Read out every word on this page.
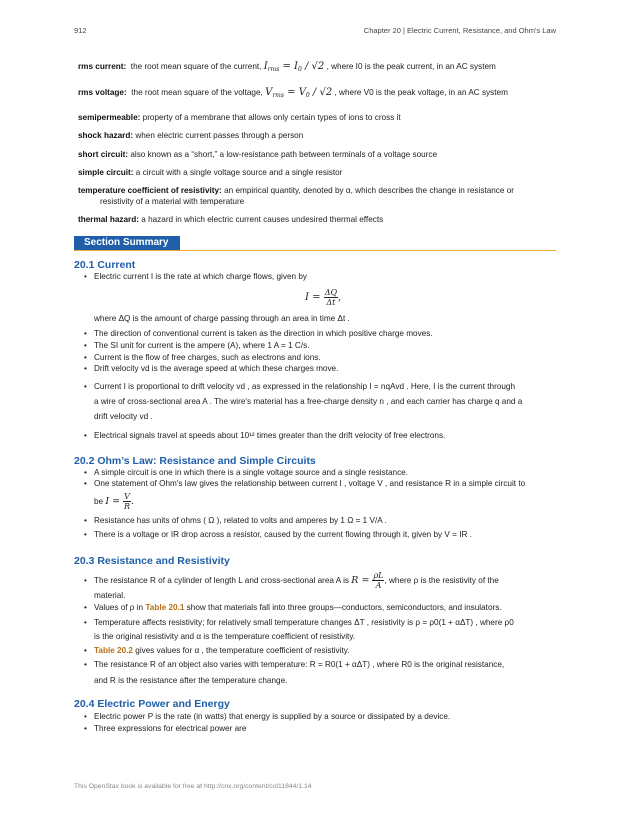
912	Chapter 20 | Electric Current, Resistance, and Ohm's Law
rms current: the root mean square of the current, $I_{rms} = I_0 / √2$ , where I0 is the peak current, in an AC system
rms voltage: the root mean square of the voltage, $V_{rms} = V_0 / √2$ , where V0 is the peak voltage, in an AC system
semipermeable: property of a membrane that allows only certain types of ions to cross it
shock hazard: when electric current passes through a person
short circuit: also known as a “short,” a low-resistance path between terminals of a voltage source
simple circuit: a circuit with a single voltage source and a single resistor
temperature coefficient of resistivity: an empirical quantity, denoted by α, which describes the change in resistance or
resistivity of a material with temperature
thermal hazard: a hazard in which electric current causes undesired thermal effects
Section Summary
20.1 Current
• Electric current I is the rate at which charge flows, given by
$I = \frac{\Delta Q}{\Delta t}$ ,
where ΔQ is the amount of charge passing through an area in time Δt .
• The direction of conventional current is taken as the direction in which positive charge moves.
• The SI unit for current is the ampere (A), where 1 A = 1 C/s.
• Current is the flow of free charges, such as electrons and ions.
• Drift velocity vd is the average speed at which these charges move.
• Current I is proportional to drift velocity vd , as expressed in the relationship I = nqAvd . Here, I is the current through
a wire of cross-sectional area A . The wire's material has a free-charge density n , and each carrier has charge q and a
drift velocity vd .
• Electrical signals travel at speeds about 10¹² times greater than the drift velocity of free electrons.
20.2 Ohm’s Law: Resistance and Simple Circuits
• A simple circuit is one in which there is a single voltage source and a single resistance.
• One statement of Ohm's law gives the relationship between current I , voltage V , and resistance R in a simple circuit to
be $I = \frac{V}{R}$ .
• Resistance has units of ohms ( Ω ), related to volts and amperes by 1 Ω = 1 V/A .
• There is a voltage or IR drop across a resistor, caused by the current flowing through it, given by V = IR .
20.3 Resistance and Resistivity
• The resistance R of a cylinder of length L and cross-sectional area A is $R = \frac{\rho L}{A}$ , where ρ is the resistivity of the
material.
• Values of ρ in Table 20.1 show that materials fall into three groups—conductors, semiconductors, and insulators.
• Temperature affects resistivity; for relatively small temperature changes ΔT , resistivity is ρ = ρ0(1 + αΔT) , where ρ0
is the original resistivity and α is the temperature coefficient of resistivity.
• Table 20.2 gives values for α , the temperature coefficient of resistivity.
• The resistance R of an object also varies with temperature: R = R0(1 + αΔT) , where R0 is the original resistance,
and R is the resistance after the temperature change.
20.4 Electric Power and Energy
• Electric power P is the rate (in watts) that energy is supplied by a source or dissipated by a device.
• Three expressions for electrical power are
This OpenStax book is available for free at http://cnx.org/content/col11844/1.14
